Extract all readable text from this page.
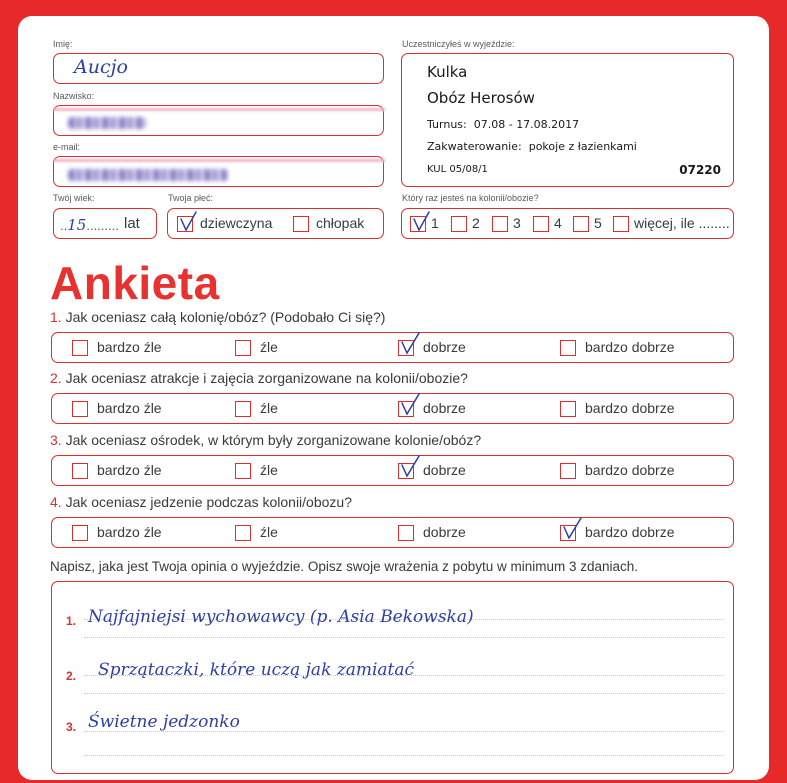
Imię:
Aucjo
Nazwisko:
e-mail:
Twój wiek:
..15......... lat
Twoja płeć:
dziewczyna	chłopak
Uczestniczyłeś w wyjeździe:
Kulka
Obóz Herosów
Turnus: 07.08 - 17.08.2017
Zakwaterowanie: pokoje z łazienkami
KUL 05/08/1	07220
Który raz jesteś na kolonii/obozie?
1 2 3 4 5 więcej, ile ........
Ankieta
1. Jak oceniasz całą kolonię/obóz? (Podobało Ci się?)
bardzo źle	źle	dobrze	bardzo dobrze
2. Jak oceniasz atrakcje i zajęcia zorganizowane na kolonii/obozie?
bardzo źle	źle	dobrze	bardzo dobrze
3. Jak oceniasz ośrodek, w którym były zorganizowane kolonie/obóz?
bardzo źle	źle	dobrze	bardzo dobrze
4. Jak oceniasz jedzenie podczas kolonii/obozu?
bardzo źle	źle	dobrze	bardzo dobrze
Napisz, jaka jest Twoja opinia o wyjeździe. Opisz swoje wrażenia z pobytu w minimum 3 zdaniach.
1. Najfajniejsi wychowawcy (p. Asia Bekowska)
2. Sprzątaczki, które uczą jak zamiatać
3. Świetne jedzonko
